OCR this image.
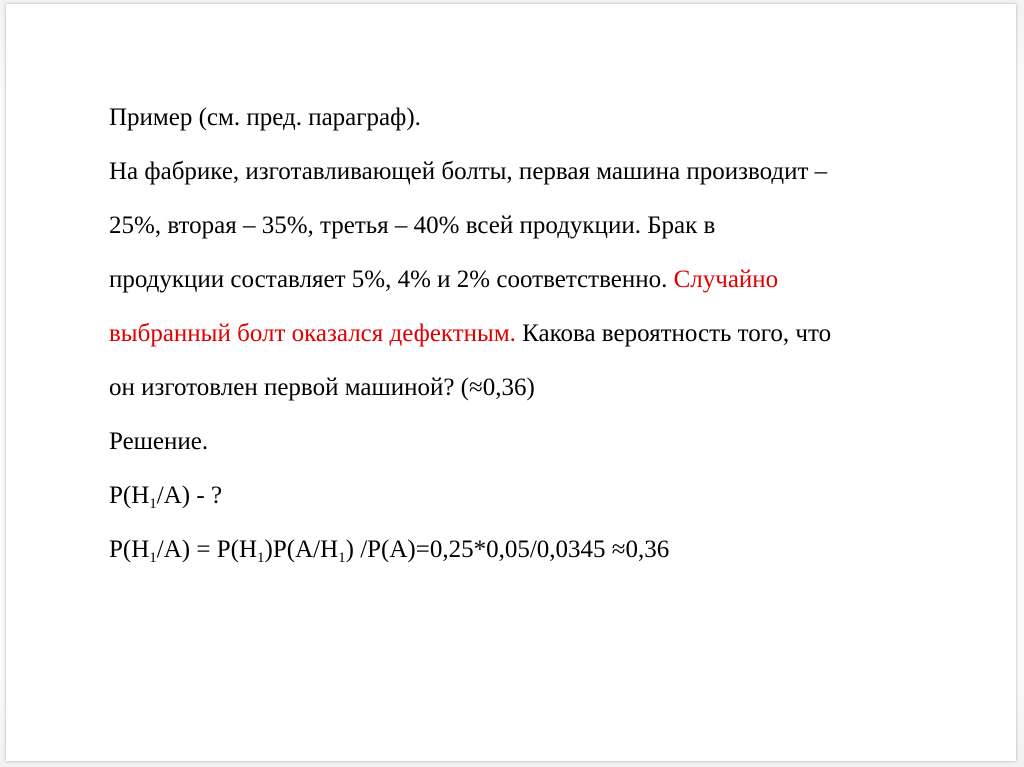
Пример (см. пред. параграф).
На фабрике, изготавливающей болты, первая машина производит –
25%, вторая – 35%, третья – 40% всей продукции. Брак в
продукции составляет 5%, 4% и 2% соответственно. Случайно
выбранный болт оказался дефектным. Какова вероятность того, что
он изготовлен первой машиной? (≈0,36)
Решение.
$P(H_1/A)$ - ?
$P(H_1/A) = P(H_1)P(A/H_1)$ /P(A)=0,25*0,05/0,0345 ≈0,36
